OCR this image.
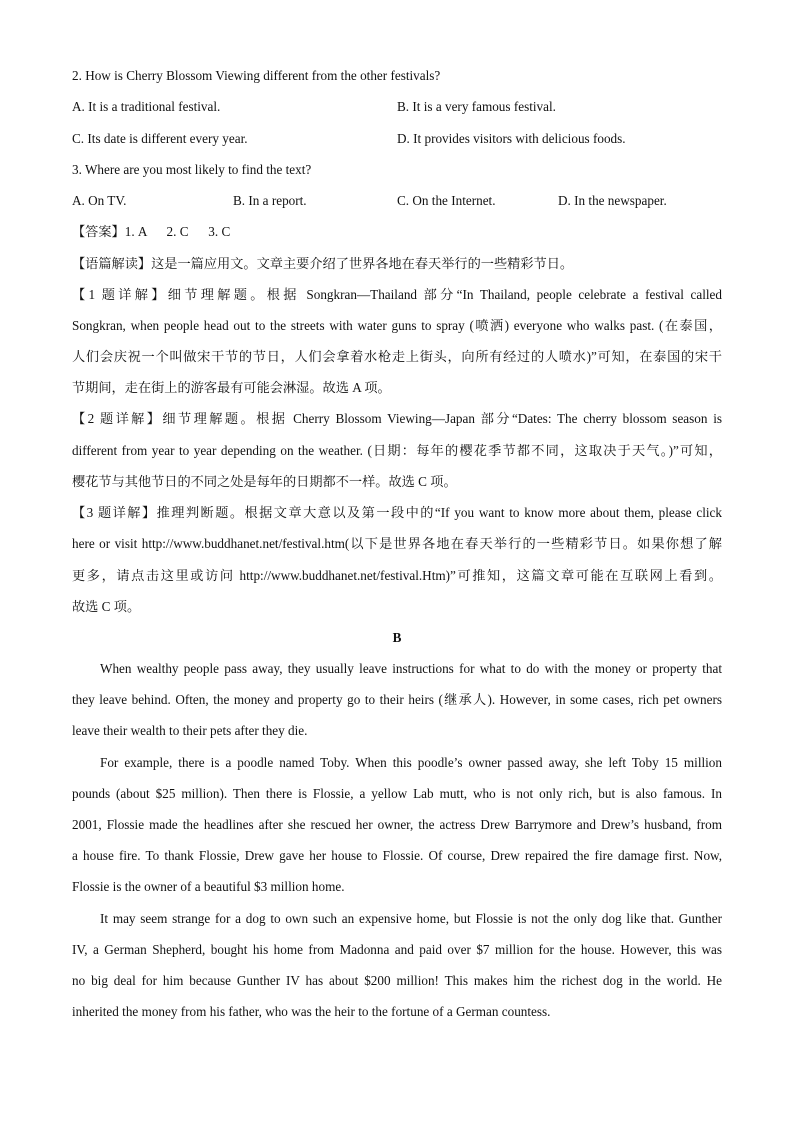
2. How is Cherry Blossom Viewing different from the other festivals?
A. It is a traditional festival.	B. It is a very famous festival.
C. Its date is different every year.	D. It provides visitors with delicious foods.
3. Where are you most likely to find the text?
A. On TV.	B. In a report.	C. On the Internet.	D. In the newspaper.
【答案】1. A      2. C      3. C
【语篇解读】这是一篇应用文。文章主要介绍了世界各地在春天举行的一些精彩节日。
【1 题详解】细节理解题。根据 Songkran—Thailand 部分“In Thailand, people celebrate a festival called
Songkran, when people head out to the streets with water guns to spray (喷洒) everyone who walks past. (在泰国，
人们会庆祝一个叫做宋干节的节日，人们会拿着水枪走上街头，向所有经过的人喷水)”可知，在泰国的宋干
节期间，走在街上的游客最有可能会淋湿。故选 A 项。
【2 题详解】细节理解题。根据 Cherry Blossom Viewing—Japan 部分“Dates: The cherry blossom season is
different from year to year depending on the weather. (日期：每年的樱花季节都不同，这取决于天气。)”可知，
樱花节与其他节日的不同之处是每年的日期都不一样。故选 C 项。
【3 题详解】推理判断题。根据文章大意以及第一段中的“If you want to know more about them, please click
here or visit http://www.buddhanet.net/festival.htm(以下是世界各地在春天举行的一些精彩节日。如果你想了解
更多，请点击这里或访问 http://www.buddhanet.net/festival.Htm)”可推知，这篇文章可能在互联网上看到。
故选 C 项。
B
When wealthy people pass away, they usually leave instructions for what to do with the money or property that
they leave behind. Often, the money and property go to their heirs (继承人). However, in some cases, rich pet owners
leave their wealth to their pets after they die.
For example, there is a poodle named Toby. When this poodle’s owner passed away, she left Toby 15 million
pounds (about $25 million). Then there is Flossie, a yellow Lab mutt, who is not only rich, but is also famous. In
2001, Flossie made the headlines after she rescued her owner, the actress Drew Barrymore and Drew’s husband, from
a house fire. To thank Flossie, Drew gave her house to Flossie. Of course, Drew repaired the fire damage first. Now,
Flossie is the owner of a beautiful $3 million home.
It may seem strange for a dog to own such an expensive home, but Flossie is not the only dog like that. Gunther
IV, a German Shepherd, bought his home from Madonna and paid over $7 million for the house. However, this was
no big deal for him because Gunther IV has about $200 million! This makes him the richest dog in the world. He
inherited the money from his father, who was the heir to the fortune of a German countess.
